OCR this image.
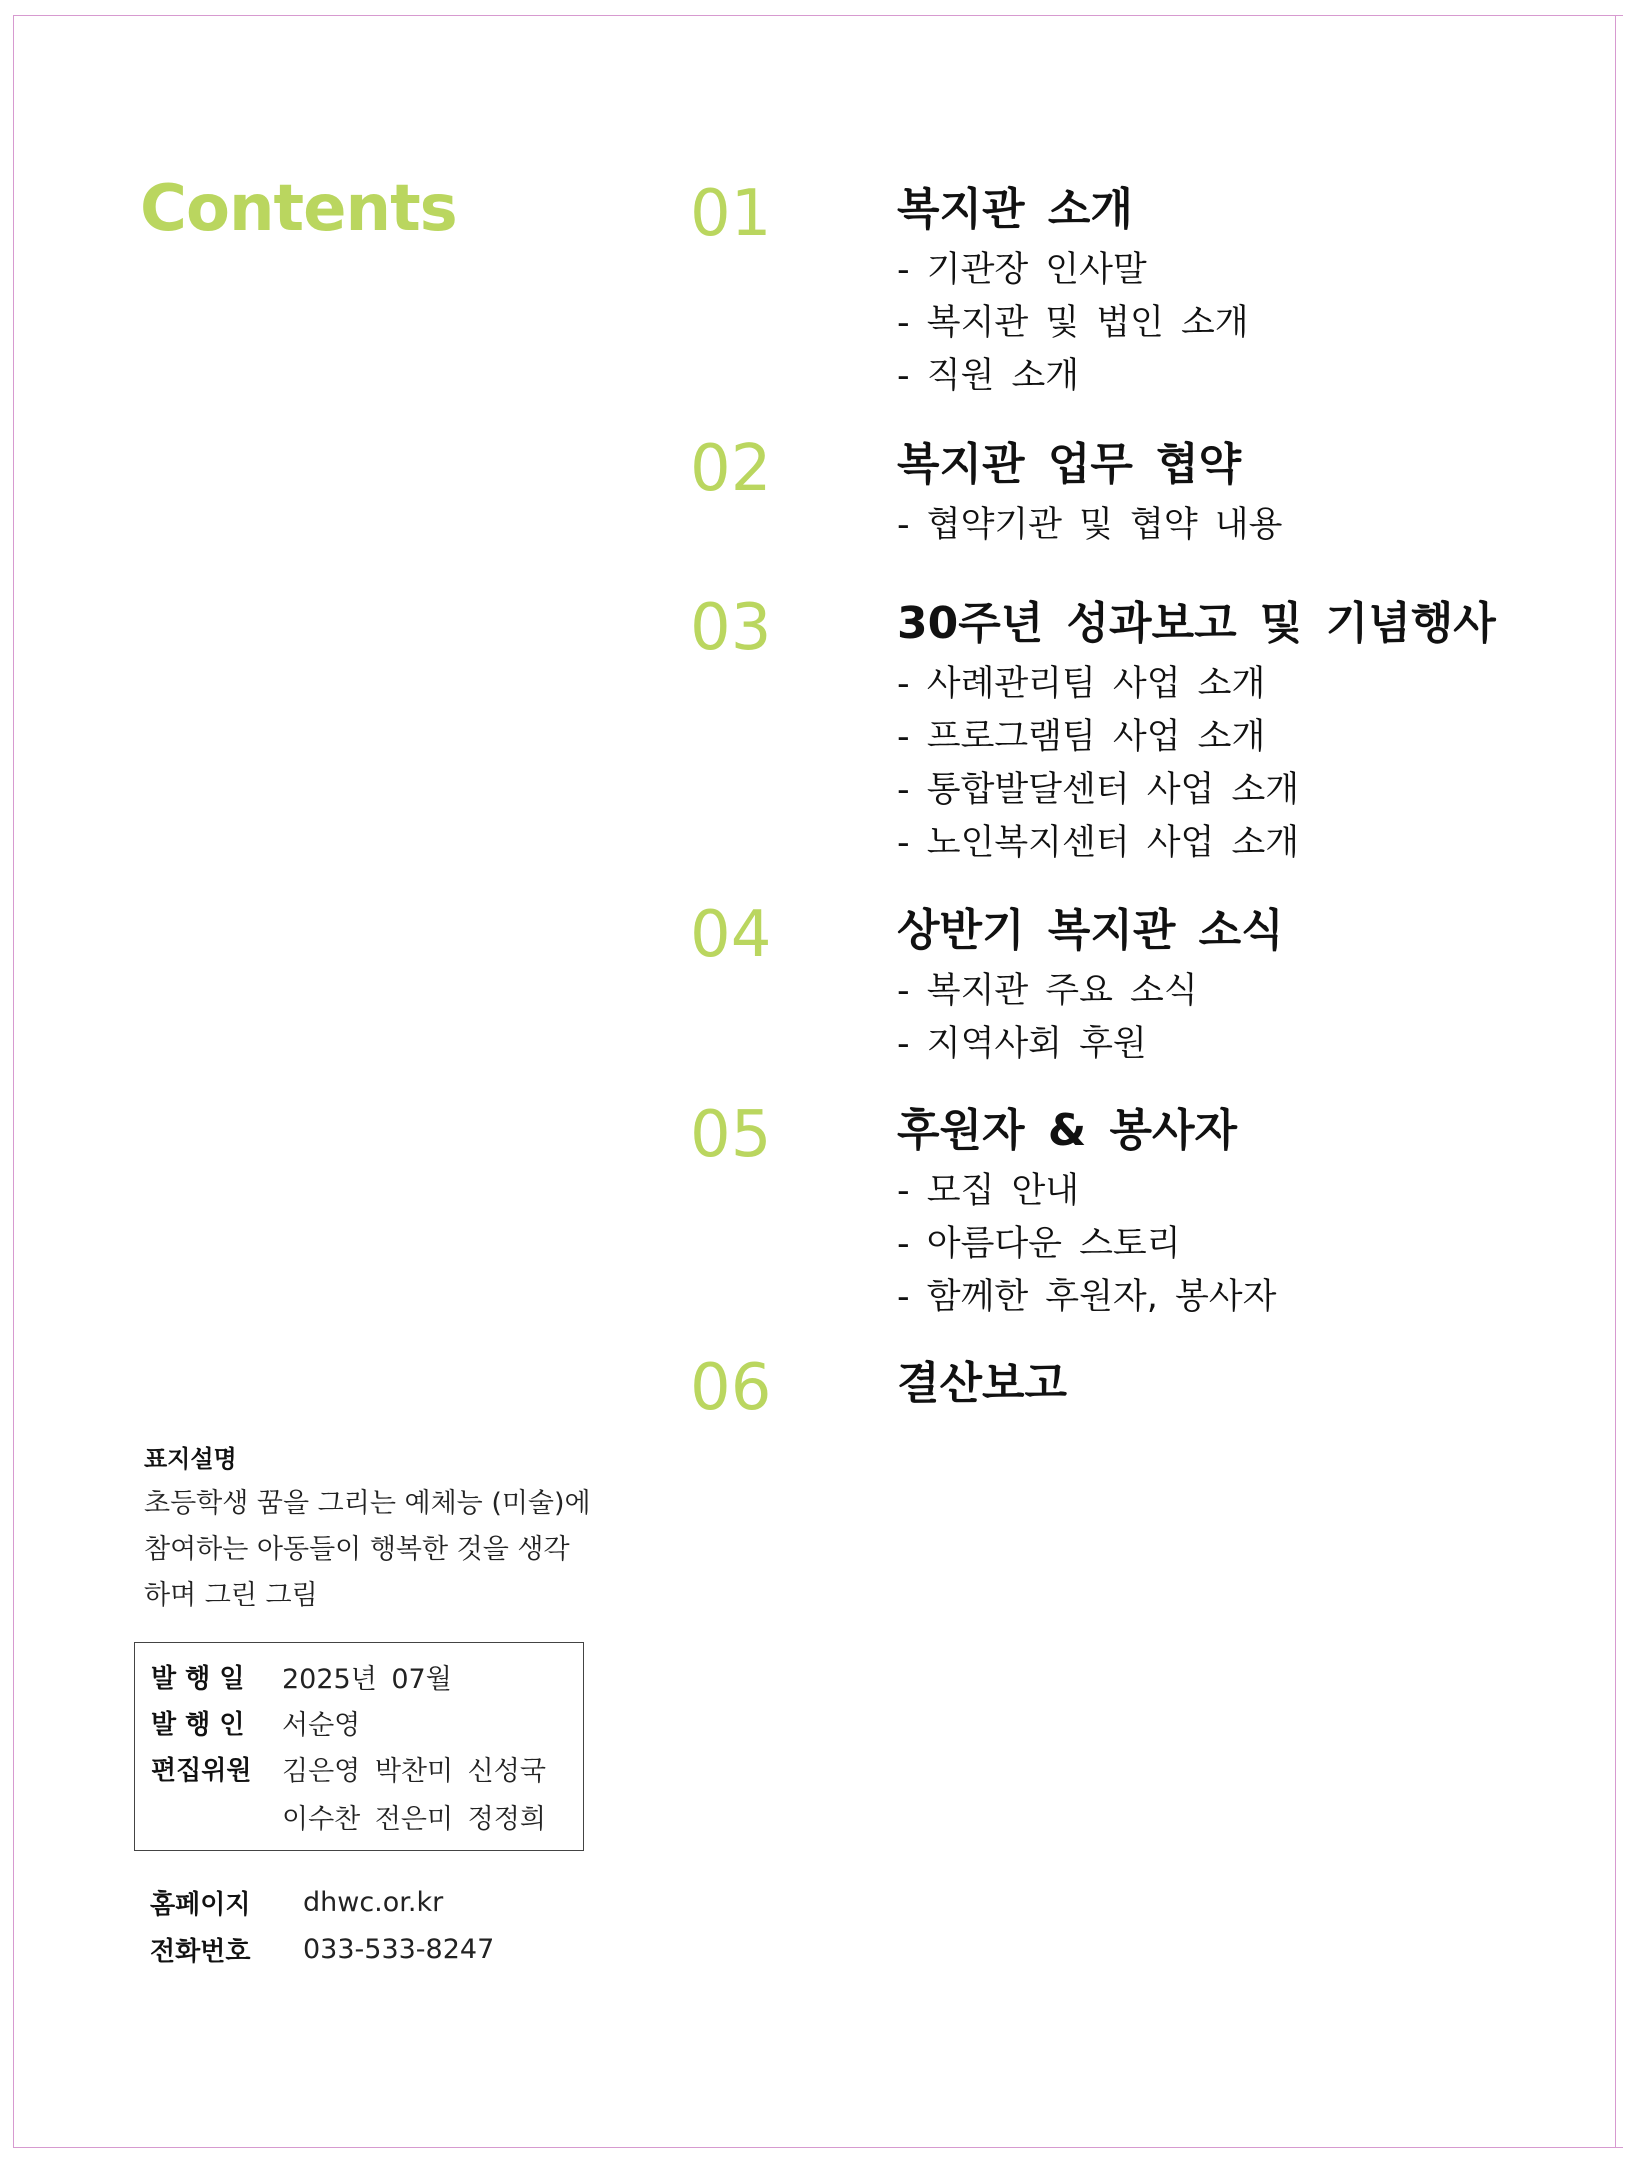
Contents	01	복지관 소개
- 기관장 인사말
- 복지관 및 법인 소개
- 직원 소개
02	복지관 업무 협약
- 협약기관 및 협약 내용
03	30주년 성과보고 및 기념행사
- 사례관리팀 사업 소개
- 프로그램팀 사업 소개
- 통합발달센터 사업 소개
- 노인복지센터 사업 소개
04	상반기 복지관 소식
- 복지관 주요 소식
- 지역사회 후원
05	후원자 & 봉사자
- 모집 안내
- 아름다운 스토리
- 함께한 후원자, 봉사자
06	결산보고
표지설명
초등학생 꿈을 그리는 예체능 (미술)에
참여하는 아동들이 행복한 것을 생각
하며 그린 그림
발 행 일	2025년 07월
발 행 인	서순영
편집위원	김은영 박찬미 신성국
이수찬 전은미 정정희
홈페이지	dhwc.or.kr
전화번호	033-533-8247
